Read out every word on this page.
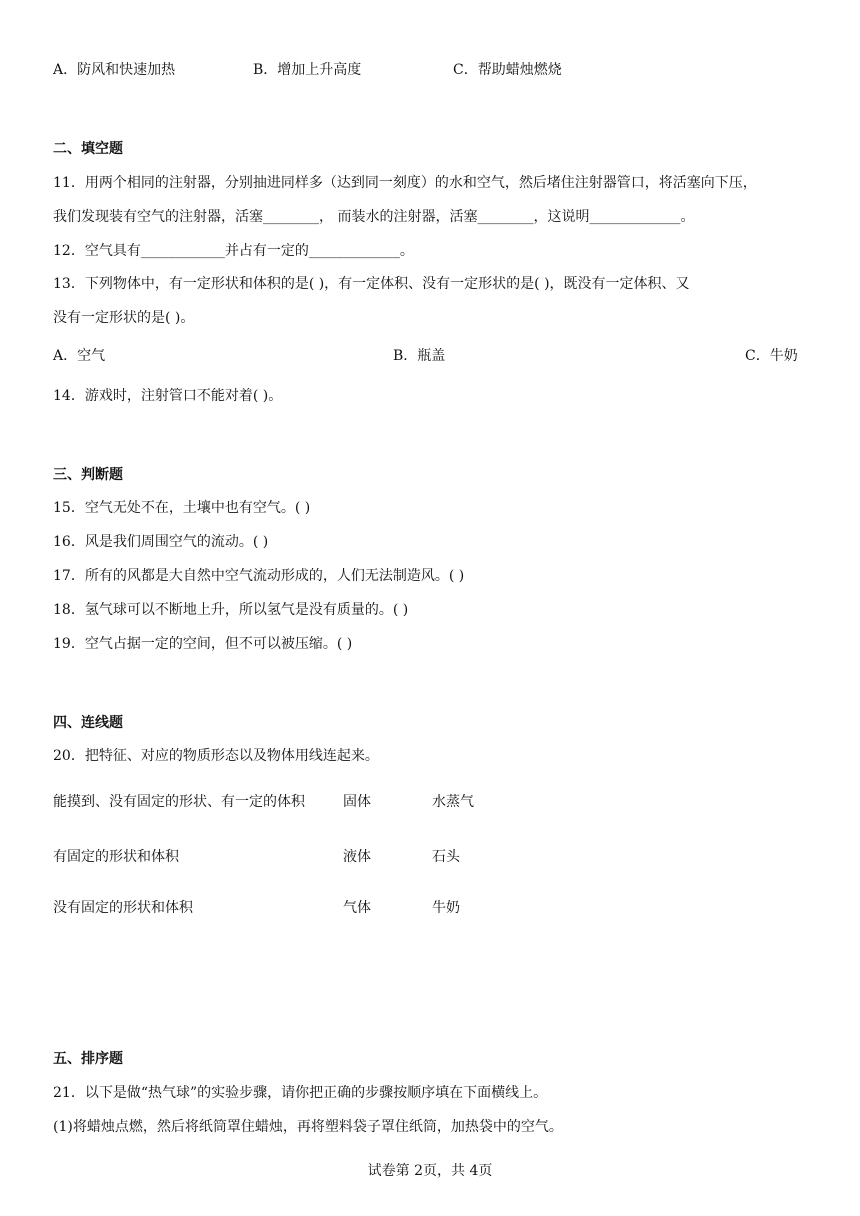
A．防风和快速加热	B．增加上升高度	C．帮助蜡烛燃烧
二、填空题
11．用两个相同的注射器，分别抽进同样多（达到同一刻度）的水和空气，然后堵住注射器管口，将活塞向下压，
我们发现装有空气的注射器，活塞________， 而装水的注射器，活塞________，这说明_____________。
12．空气具有____________并占有一定的_____________。
13．下列物体中，有一定形状和体积的是( )，有一定体积、没有一定形状的是( )，既没有一定体积、又
没有一定形状的是( )。
A．空气	B．瓶盖	C．牛奶
14．游戏时，注射管口不能对着( )。
三、判断题
15．空气无处不在，土壤中也有空气。( )
16．风是我们周围空气的流动。( )
17．所有的风都是大自然中空气流动形成的，人们无法制造风。( )
18．氢气球可以不断地上升，所以氢气是没有质量的。( )
19．空气占据一定的空间，但不可以被压缩。( )
四、连线题
20．把特征、对应的物质形态以及物体用线连起来。
能摸到、没有固定的形状、有一定的体积	固体	水蒸气
有固定的形状和体积	液体	石头
没有固定的形状和体积	气体	牛奶
五、排序题
21．以下是做“热气球”的实验步骤，请你把正确的步骤按顺序填在下面横线上。
(1)将蜡烛点燃，然后将纸筒罩住蜡烛，再将塑料袋子罩住纸筒，加热袋中的空气。
试卷第 2页，共 4页
